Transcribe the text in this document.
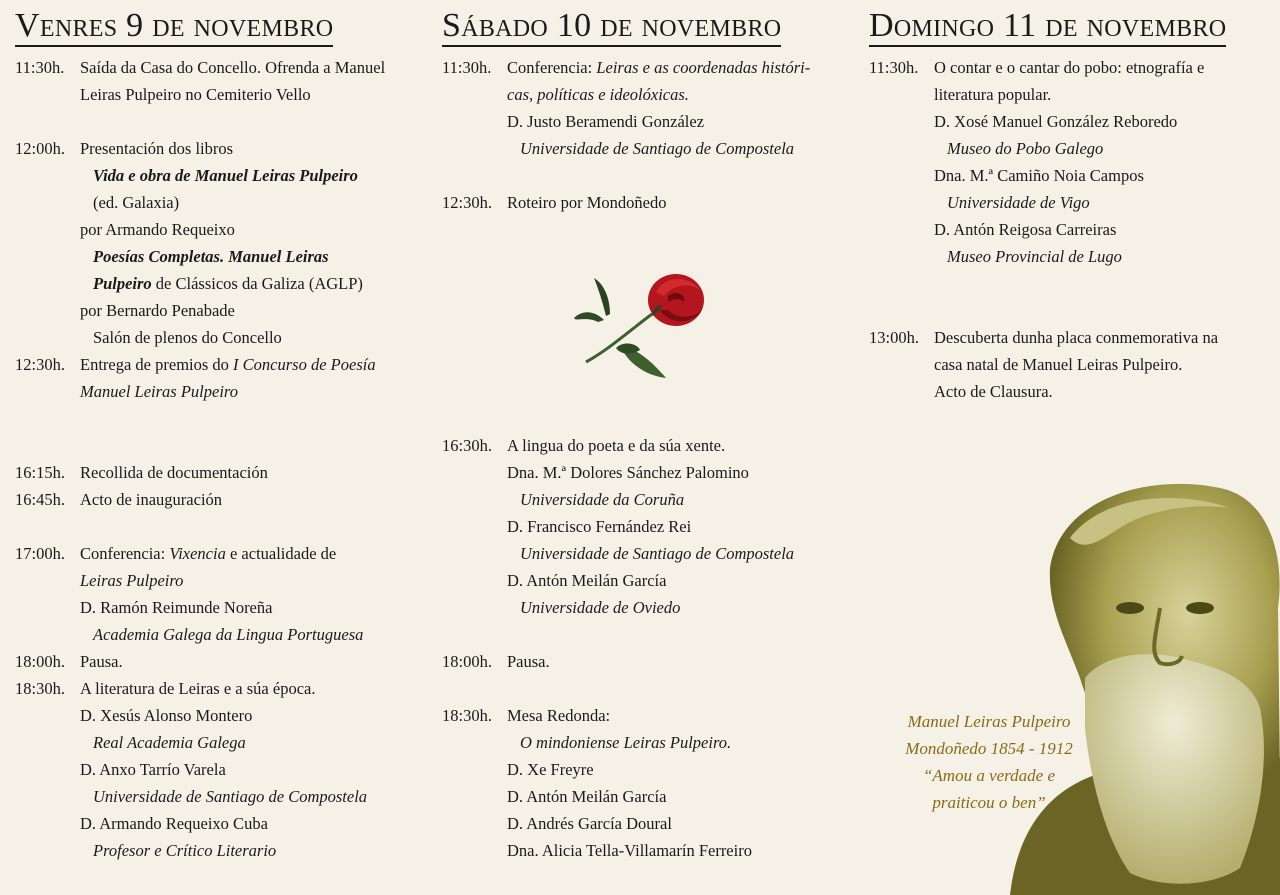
Venres 9 de novembro
11:30h. Saída da Casa do Concello. Ofrenda a Manuel
Leiras Pulpeiro no Cemiterio Vello
12:00h. Presentación dos libros
Vida e obra de Manuel Leiras Pulpeiro
(ed. Galaxia)
por Armando Requeixo
Poesías Completas. Manuel Leiras
Pulpeiro de Clássicos da Galiza (AGLP)
por Bernardo Penabade
Salón de plenos do Concello
12:30h. Entrega de premios do I Concurso de Poesía
Manuel Leiras Pulpeiro
16:15h. Recollida de documentación
16:45h. Acto de inauguración
17:00h. Conferencia: Vixencia e actualidade de
Leiras Pulpeiro
D. Ramón Reimunde Noreña
Academia Galega da Lingua Portuguesa
18:00h. Pausa.
18:30h. A literatura de Leiras e a súa época.
D. Xesús Alonso Montero
Real Academia Galega
D. Anxo Tarrío Varela
Universidade de Santiago de Compostela
D. Armando Requeixo Cuba
Profesor e Crítico Literario
Sábado 10 de novembro
11:30h. Conferencia: Leiras e as coordenadas históri-
cas, políticas e ideolóxicas.
D. Justo Beramendi González
Universidade de Santiago de Compostela
12:30h. Roteiro por Mondoñedo
16:30h. A lingua do poeta e da súa xente.
Dna. M.ª Dolores Sánchez Palomino
Universidade da Coruña
D. Francisco Fernández Rei
Universidade de Santiago de Compostela
D. Antón Meilán García
Universidade de Oviedo
18:00h. Pausa.
18:30h. Mesa Redonda:
O mindoniense Leiras Pulpeiro.
D. Xe Freyre
D. Antón Meilán García
D. Andrés García Doural
Dna. Alicia Tella-Villamarín Ferreiro
Domingo 11 de novembro
11:30h. O contar e o cantar do pobo: etnografía e
literatura popular.
D. Xosé Manuel González Reboredo
Museo do Pobo Galego
Dna. M.ª Camiño Noia Campos
Universidade de Vigo
D. Antón Reigosa Carreiras
Museo Provincial de Lugo
13:00h. Descuberta dunha placa conmemorativa na
casa natal de Manuel Leiras Pulpeiro.
Acto de Clausura.
Manuel Leiras Pulpeiro
Mondoñedo 1854 - 1912
“Amou a verdade e
praiticou o ben”
